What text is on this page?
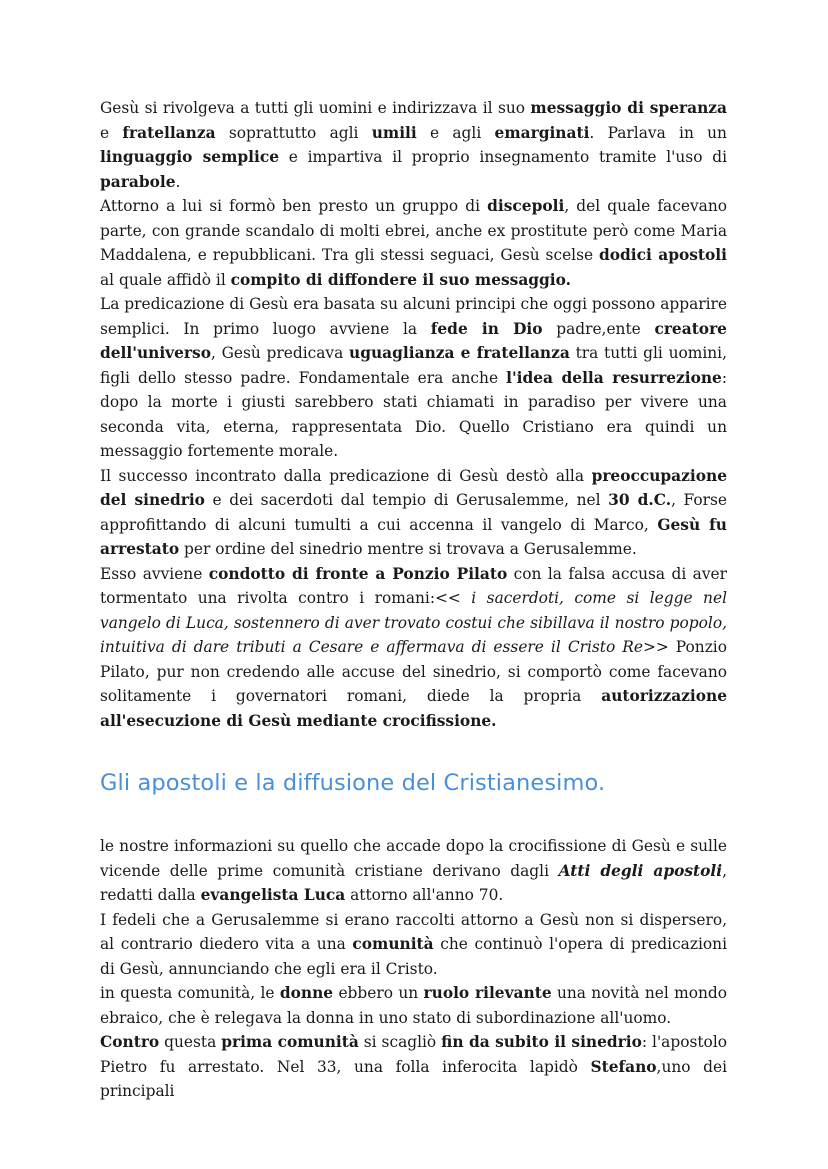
Gesù si rivolgeva a tutti gli uomini e indirizzava il suo messaggio di speranza e fratellanza soprattutto agli umili e agli emarginati. Parlava in un linguaggio semplice e impartiva il proprio insegnamento tramite l'uso di parabole.

Attorno a lui si formò ben presto un gruppo di discepoli, del quale facevano parte, con grande scandalo di molti ebrei, anche ex prostitute però come Maria Maddalena, e repubblicani. Tra gli stessi seguaci, Gesù scelse dodici apostoli al quale affidò il compito di diffondere il suo messaggio.

La predicazione di Gesù era basata su alcuni principi che oggi possono apparire semplici. In primo luogo avviene la fede in Dio padre,ente creatore dell'universo, Gesù predicava uguaglianza e fratellanza tra tutti gli uomini, figli dello stesso padre. Fondamentale era anche l'idea della resurrezione: dopo la morte i giusti sarebbero stati chiamati in paradiso per vivere una seconda vita, eterna, rappresentata Dio. Quello Cristiano era quindi un messaggio fortemente morale.

Il successo incontrato dalla predicazione di Gesù destò alla preoccupazione del sinedrio e dei sacerdoti dal tempio di Gerusalemme, nel 30 d.C., Forse approfittando di alcuni tumulti a cui accenna il vangelo di Marco, Gesù fu arrestato per ordine del sinedrio mentre si trovava a Gerusalemme.

Esso avviene condotto di fronte a Ponzio Pilato con la falsa accusa di aver tormentato una rivolta contro i romani:<< i sacerdoti, come si legge nel vangelo di Luca, sostennero di aver trovato costui che sibillava il nostro popolo, intuitiva di dare tributi a Cesare e affermava di essere il Cristo Re>> Ponzio Pilato, pur non credendo alle accuse del sinedrio, si comportò come facevano solitamente i governatori romani, diede la propria autorizzazione all'esecuzione di Gesù mediante crocifissione.

Gli apostoli e la diffusione del Cristianesimo.

le nostre informazioni su quello che accade dopo la crocifissione di Gesù e sulle vicende delle prime comunità cristiane derivano dagli Atti degli apostoli, redatti dalla evangelista Luca attorno all'anno 70.

I fedeli che a Gerusalemme si erano raccolti attorno a Gesù non si dispersero, al contrario diedero vita a una comunità che continuò l'opera di predicazioni di Gesù, annunciando che egli era il Cristo.

in questa comunità, le donne ebbero un ruolo rilevante una novità nel mondo ebraico, che è relegava la donna in uno stato di subordinazione all'uomo.

Contro questa prima comunità si scagliò fin da subito il sinedrio: l'apostolo Pietro fu arrestato. Nel 33, una folla inferocita lapidò Stefano,uno dei principali
